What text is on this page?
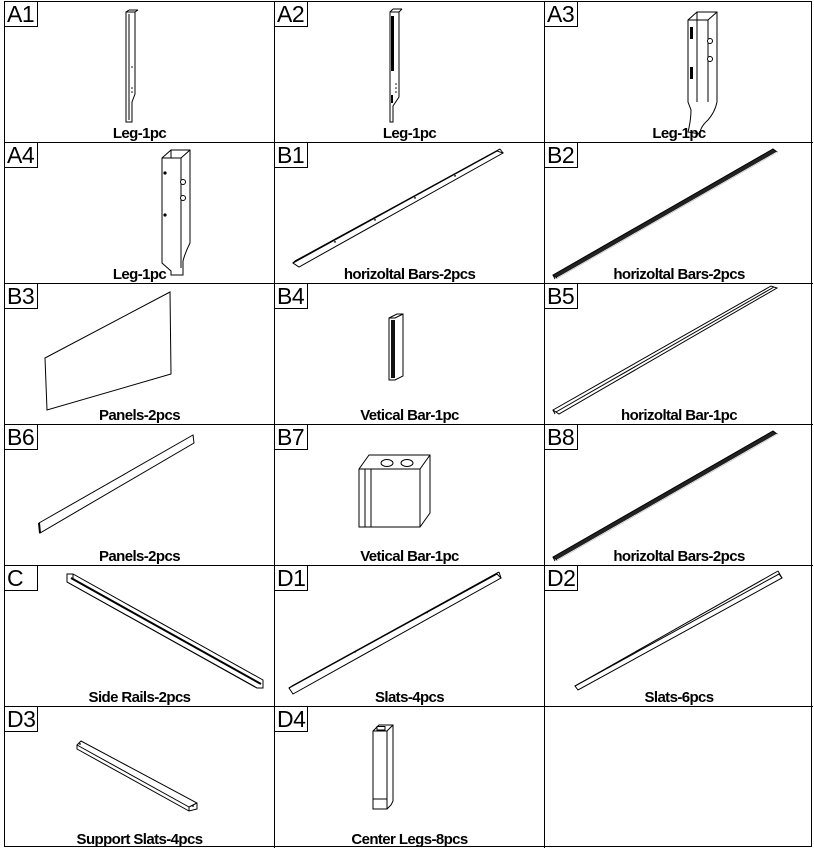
A1
Leg-1pc
A2
Leg-1pc
A3
Leg-1pc
A4
Leg-1pc
B1
horizoltal Bars-2pcs
B2
horizoltal Bars-2pcs
B3
Panels-2pcs
B4
Vetical Bar-1pc
B5
horizoltal Bar-1pc
B6
Panels-2pcs
B7
Vetical Bar-1pc
B8
horizoltal Bars-2pcs
C
Side Rails-2pcs
D1
Slats-4pcs
D2
Slats-6pcs
D3
Support Slats-4pcs
D4
Center Legs-8pcs
